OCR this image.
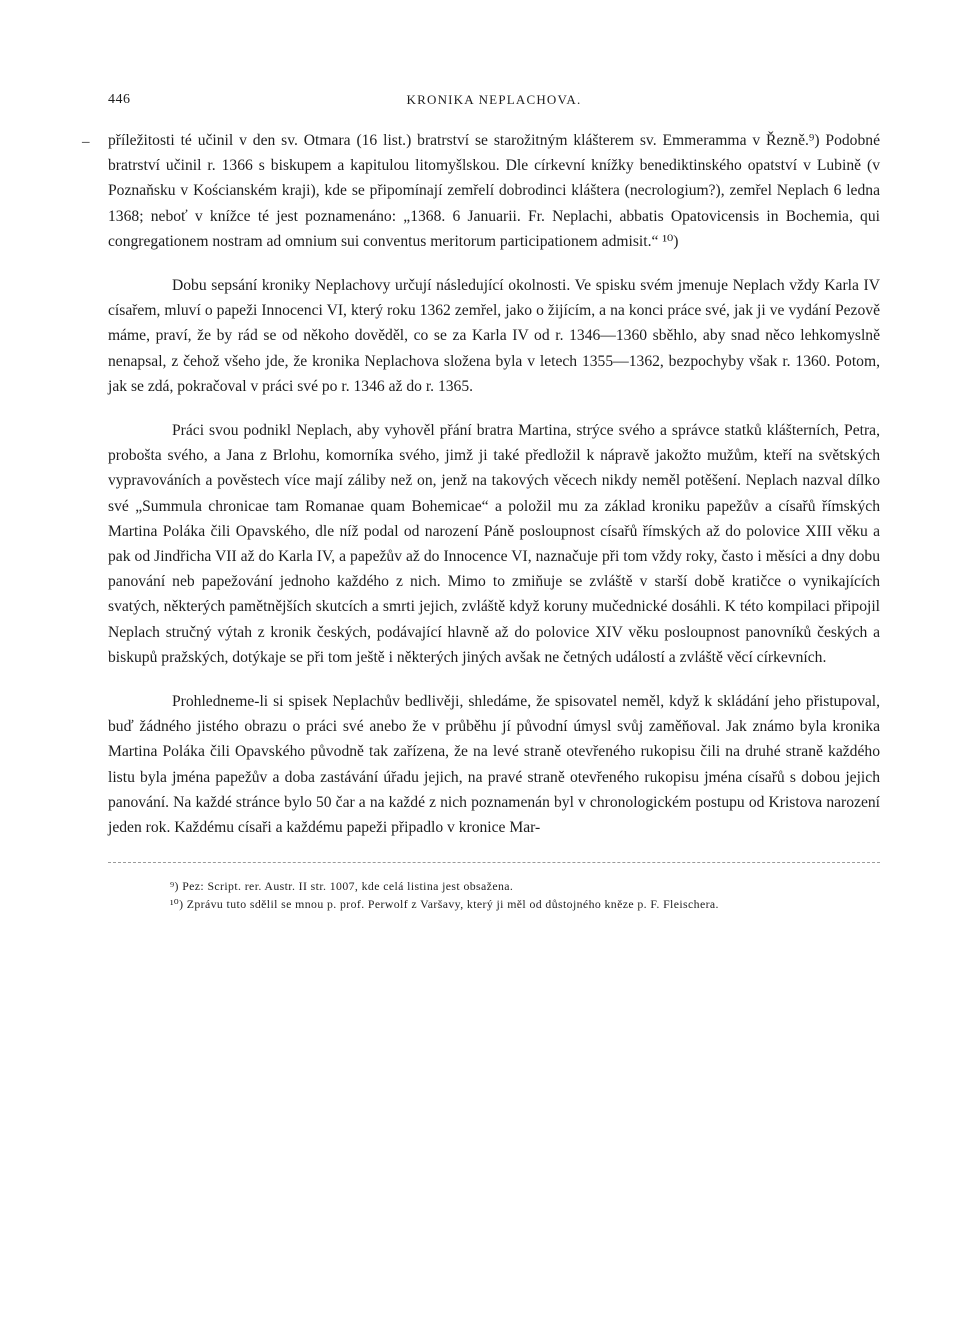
446	KRONIKA NEPLACHOVA.
– příležitosti té učinil v den sv. Otmara (16 list.) bratrství se starožitným klášterem sv. Emmeramma v Řezně.⁹) Podobné bratrství učinil r. 1366 s biskupem a kapitulou litomyšlskou. Dle církevní knížky benediktinského opatství v Lubině (v Poznaňsku v Kościanském kraji), kde se připomínají zemřelí dobrodinci kláštera (necrologium?), zemřel Neplach 6 ledna 1368; neboť v knížce té jest poznamenáno: „1368. 6 Januarii. Fr. Neplachi, abbatis Opatovicensis in Bochemia, qui congregationem nostram ad omnium sui conventus meritorum participationem admisit.“ ¹⁰)

Dobu sepsání kroniky Neplachovy určují následující okolnosti. Ve spisku svém jmenuje Neplach vždy Karla IV císařem, mluví o papeži Innocenci VI, který roku 1362 zemřel, jako o žijícím, a na konci práce své, jak ji ve vydání Pezově máme, praví, že by rád se od někoho dověděl, co se za Karla IV od r. 1346—1360 sběhlo, aby snad něco lehkomyslně nenapsal, z čehož všeho jde, že kronika Neplachova složena byla v letech 1355—1362, bezpochyby však r. 1360. Potom, jak se zdá, pokračoval v práci své po r. 1346 až do r. 1365.

Práci svou podnikl Neplach, aby vyhověl přání bratra Martina, strýce svého a správce statků klášterních, Petra, probošta svého, a Jana z Brlohu, komorníka svého, jimž ji také předložil k nápravě jakožto mužům, kteří na světských vypravováních a pověstech více mají záliby než on, jenž na takových věcech nikdy neměl potěšení. Neplach nazval dílko své „Summula chronicae tam Romanae quam Bohemicae“ a položil mu za základ kroniku papežův a císařů římských Martina Poláka čili Opavského, dle níž podal od narození Páně posloupnost císařů římských až do polovice XIII věku a pak od Jindřicha VII až do Karla IV, a papežův až do Innocence VI, naznačuje při tom vždy roky, často i měsíci a dny dobu panování neb papežování jednoho každého z nich. Mimo to zmiňuje se zvláště v starší době kratičce o vynikajících svatých, některých pamětnějších skutcích a smrti jejich, zvláště když koruny mučednické dosáhli. K této kompilaci připojil Neplach stručný výtah z kronik českých, podávající hlavně až do polovice XIV věku posloupnost panovníků českých a biskupů pražských, dotýkaje se při tom ještě i některých jiných avšak ne četných událostí a zvláště věcí církevních.

Prohledneme-li si spisek Neplachův bedlivěji, shledáme, že spisovatel neměl, když k skládání jeho přistupoval, buď žádného jistého obrazu o práci své anebo že v průběhu jí původní úmysl svůj zaměňoval. Jak známo byla kronika Martina Poláka čili Opavského původně tak zařízena, že na levé straně otevřeného rukopisu čili na druhé straně každého listu byla jména papežův a doba zastávání úřadu jejich, na pravé straně otevřeného rukopisu jména císařů s dobou jejich panování. Na každé stránce bylo 50 čar a na každé z nich poznamenán byl v chronologickém postupu od Kristova narození jeden rok. Každému císaři a každému papeži připadlo v kronice Mar-

⁹) Pez: Script. rer. Austr. II str. 1007, kde celá listina jest obsažena.

¹⁰) Zprávu tuto sdělil se mnou p. prof. Perwolf z Varšavy, který ji měl od důstojného kněze p. F. Fleischera.
